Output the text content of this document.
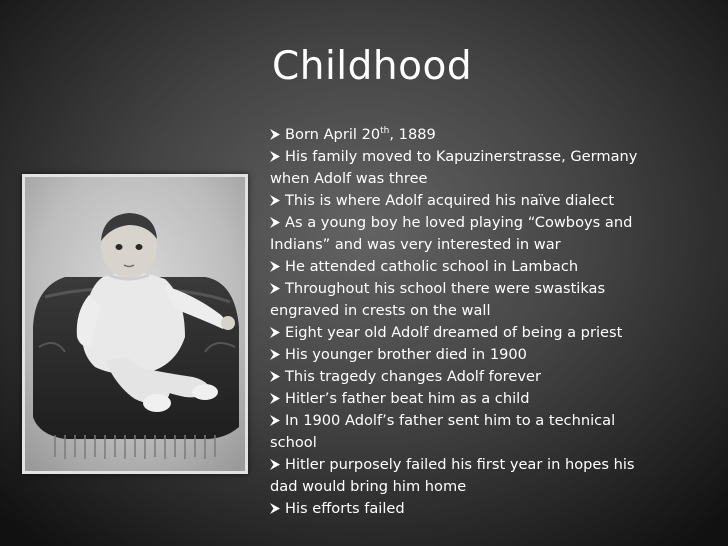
Childhood
Born April 20th, 1889
His family moved to Kapuzinerstrasse, Germany when Adolf was three
This is where Adolf acquired his naïve dialect
As a young boy he loved playing “Cowboys and Indians” and was very interested in war
He attended catholic school in Lambach
Throughout his school there were swastikas engraved in crests on the wall
Eight year old Adolf dreamed of being a priest
His younger brother died in 1900
This tragedy changes Adolf forever
Hitler’s father beat him as a child
In 1900 Adolf’s father sent him to a technical school
Hitler purposely failed his first year in hopes his dad would bring him home
His efforts failed
